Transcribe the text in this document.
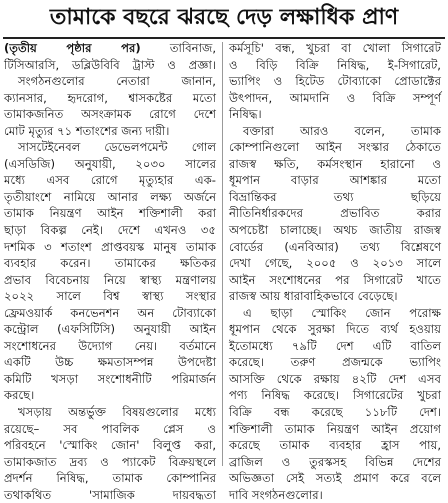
তামাকে বছরে ঝরছে দেড় লক্ষাধিক প্রাণ
(তৃতীয় পৃষ্ঠার পর)	তাবিনাজ,
টিসিআরসি, ডব্লিউবিবি ট্রাস্ট ও প্রজ্ঞা।
সংগঠনগুলোর নেতারা জানান,
ক্যানসার, হৃদরোগ, শ্বাসকষ্টের মতো
তামাকজনিত অসংক্রামক রোগে দেশে
মোট মৃত্যুর ৭১ শতাংশের জন্য দায়ী।
সাসটেইনেবল ডেভেলপমেন্ট গোল
(এসডিজি) অনুযায়ী, ২০৩০ সালের
মধ্যে এসব রোগে মৃত্যুহার এক-
তৃতীয়াংশে নামিয়ে আনার লক্ষ্য অর্জনে
তামাক নিয়ন্ত্রণ আইন শক্তিশালী করা
ছাড়া বিকল্প নেই। দেশে এখনও ৩৫
দশমিক ৩ শতাংশ প্রাপ্তবয়স্ক মানুষ তামাক
ব্যবহার করেন। তামাকের ক্ষতিকর
প্রভাব বিবেচনায় নিয়ে স্বাস্থ্য মন্ত্রণালয়
২০২২ সালে বিশ্ব স্বাস্থ্য সংস্থার
ফ্রেমওয়ার্ক কনভেনশন অন টোব্যাকো
কন্ট্রোল (এফসিটিসি) অনুযায়ী আইন
সংশোধনের উদ্যোগ নেয়। বর্তমানে
একটি উচ্চ ক্ষমতাসম্পন্ন উপদেষ্টা
কমিটি খসড়া সংশোধনীটি পরিমার্জন
করছে।
খসড়ায় অন্তর্ভুক্ত বিষয়গুলোর মধ্যে
রয়েছে– সব পাবলিক প্লেস ও
পরিবহনে 'স্মোকিং জোন' বিলুপ্ত করা,
তামাকজাত দ্রব্য ও প্যাকেট বিক্রয়স্থলে
প্রদর্শন নিষিদ্ধ, তামাক কোম্পানির
তথাকথিত 'সামাজিক দায়বদ্ধতা
কর্মসূচি' বন্ধ, খুচরা বা খোলা সিগারেট
ও বিড়ি বিক্রি নিষিদ্ধ, ই-সিগারেট,
ভ্যাপিং ও হিটেড টোব্যাকো প্রোডাক্টের
উৎপাদন, আমদানি ও বিক্রি সম্পূর্ণ
নিষিদ্ধ।
বক্তারা আরও বলেন, তামাক
কোম্পানিগুলো আইন সংস্কার ঠেকাতে
রাজস্ব ক্ষতি, কর্মসংস্থান হারানো ও
ধূমপান বাড়ার আশঙ্কার মতো
বিভ্রান্তিকর তথ্য ছড়িয়ে
নীতিনির্ধারকদের প্রভাবিত করার
অপচেষ্টা চালাচ্ছে। অথচ জাতীয় রাজস্ব
বোর্ডের (এনবিআর) তথ্য বিশ্লেষণে
দেখা গেছে, ২০০৫ ও ২০১৩ সালে
আইন সংশোধনের পর সিগারেট খাতে
রাজস্ব আয় ধারাবাহিকভাবে বেড়েছে।
এ ছাড়া স্মোকিং জোন পরোক্ষ
ধূমপান থেকে সুরক্ষা দিতে ব্যর্থ হওয়ায়
ইতোমধ্যে ৭৯টি দেশ এটি বাতিল
করেছে। তরুণ প্রজন্মকে ভ্যাপিং
আসক্তি থেকে রক্ষায় ৪২টি দেশ এসব
পণ্য নিষিদ্ধ করেছে। সিগারেটের খুচরা
বিক্রি বন্ধ করেছে ১১৮টি দেশ।
শক্তিশালী তামাক নিয়ন্ত্রণ আইন প্রয়োগ
করেছে তামাক ব্যবহার হ্রাস পায়,
ব্রাজিল ও তুরস্কসহ বিভিন্ন দেশের
অভিজ্ঞতা সেই সত্যই প্রমাণ করে বলে
দাবি সংগঠনগুলোর।
